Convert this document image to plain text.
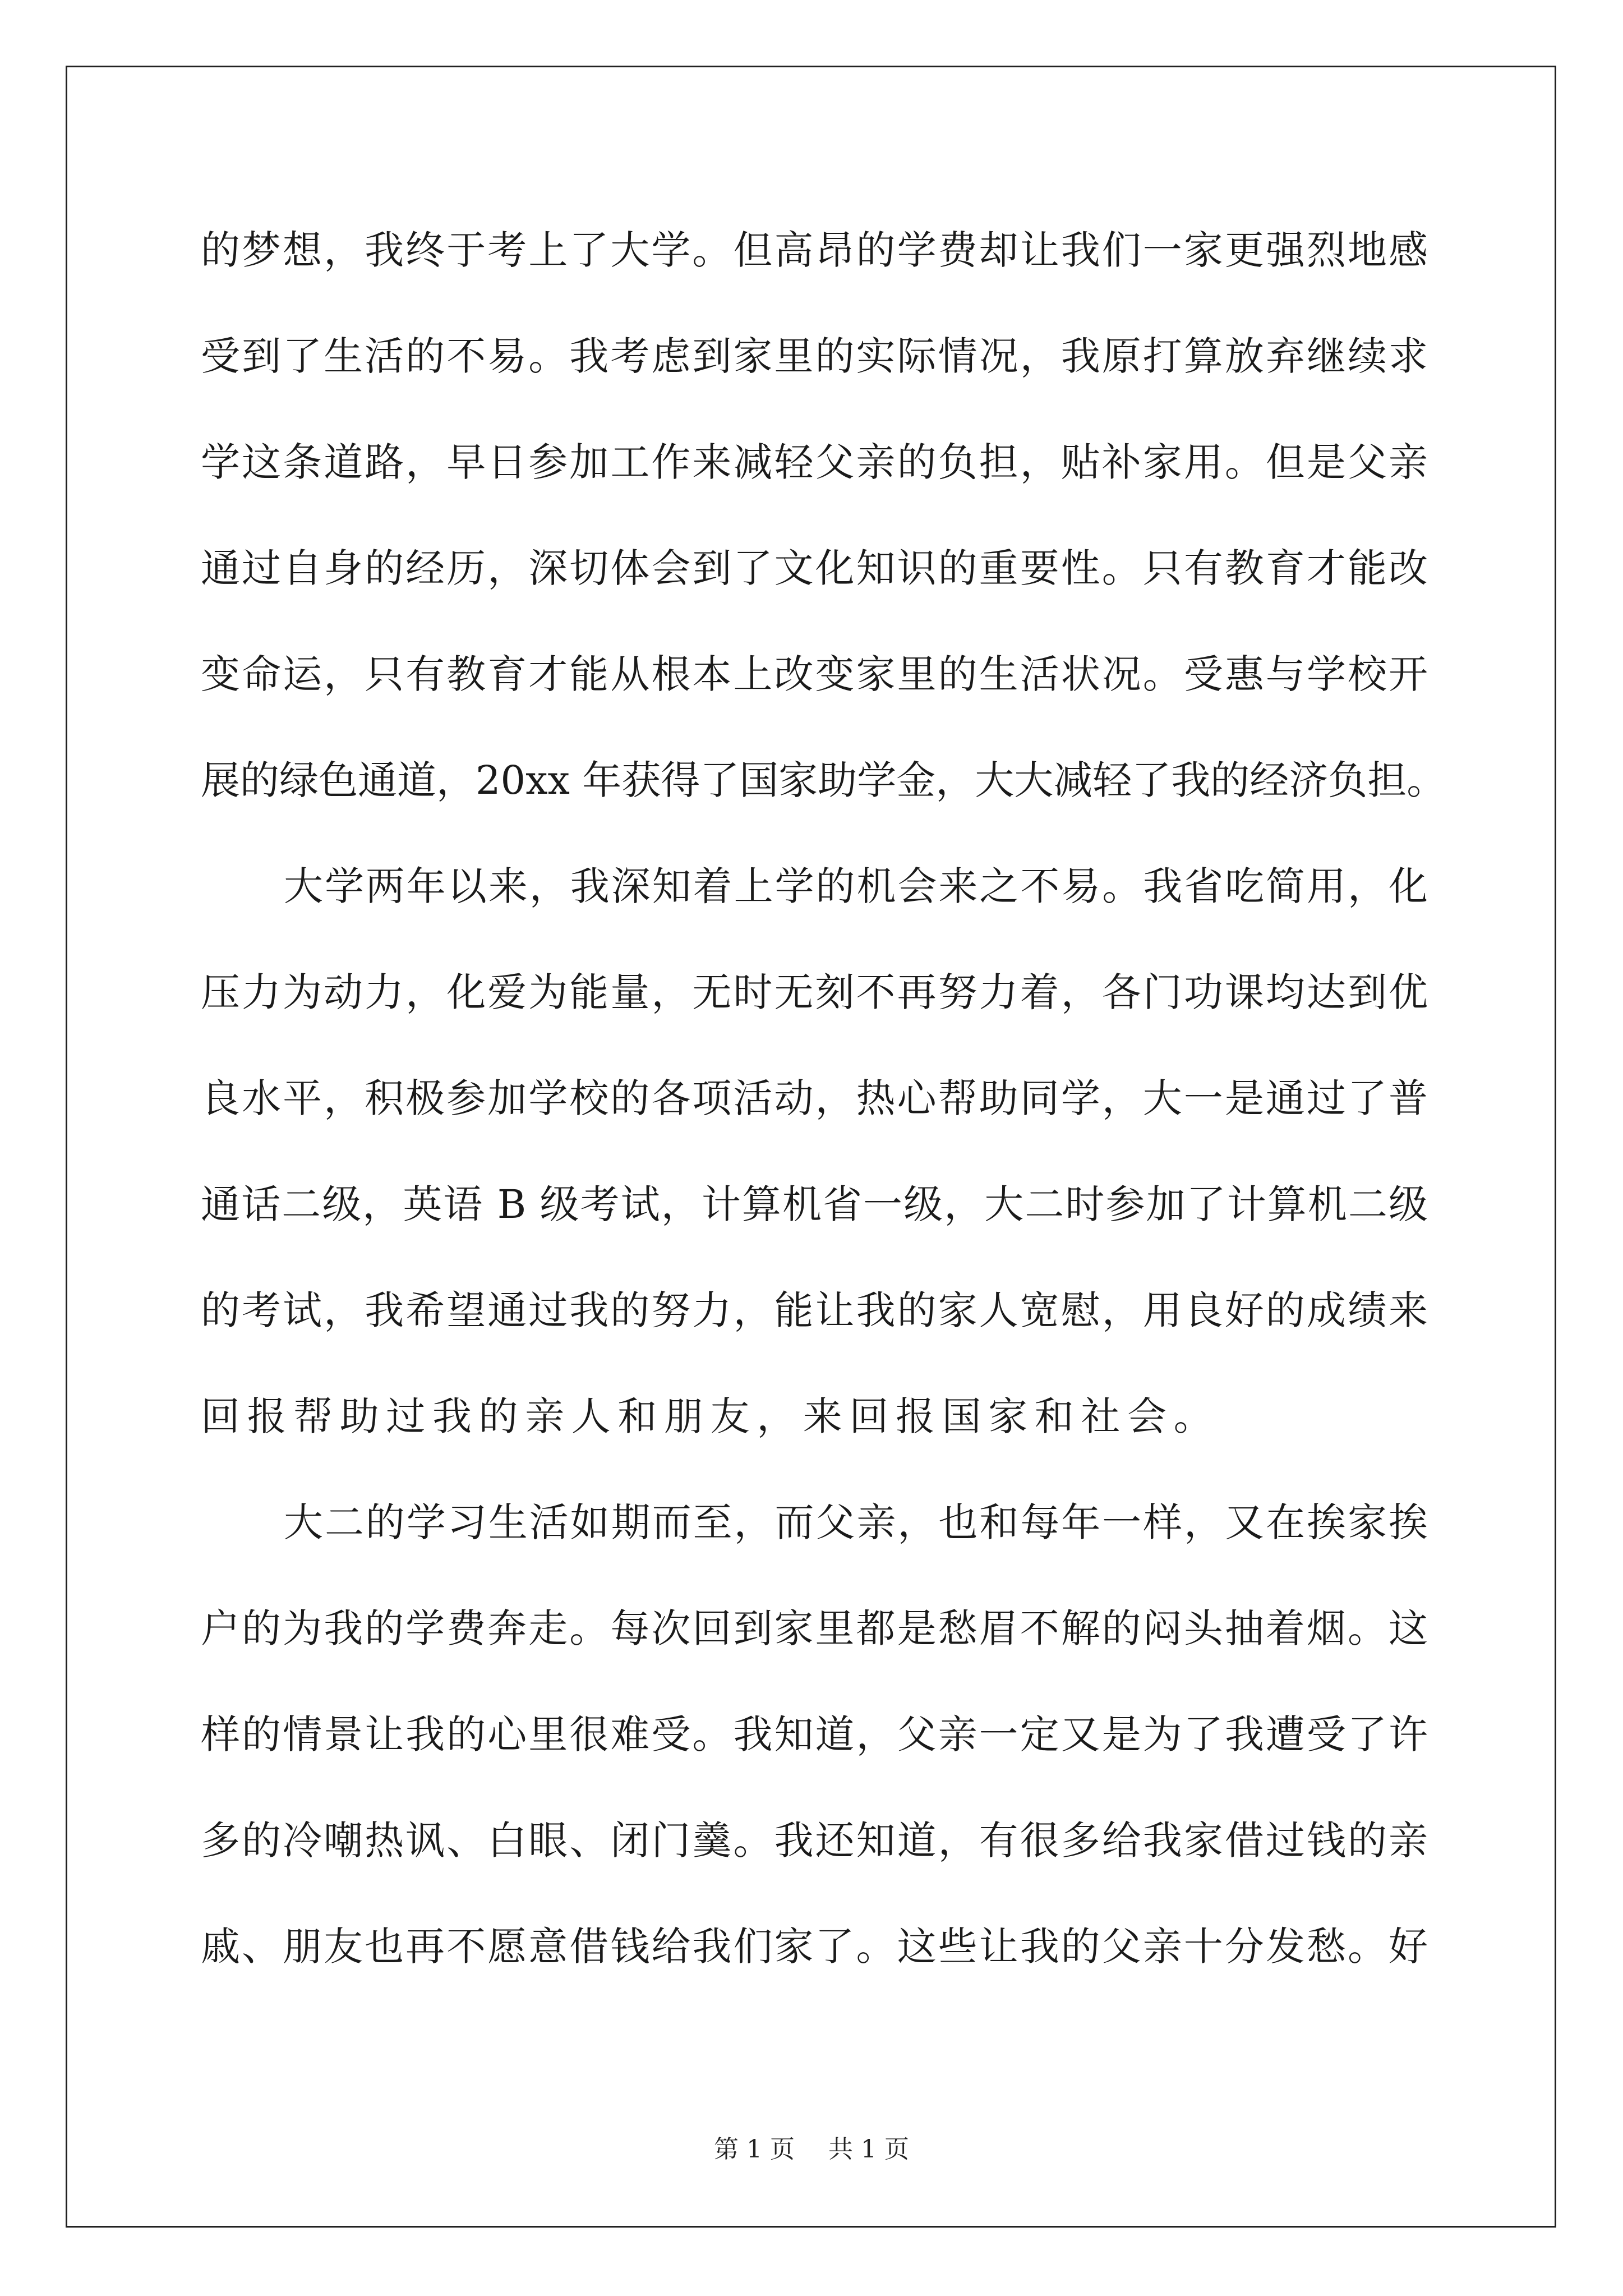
的梦想，我终于考上了大学。但高昂的学费却让我们一家更强烈地感
受到了生活的不易。我考虑到家里的实际情况，我原打算放弃继续求
学这条道路，早日参加工作来减轻父亲的负担，贴补家用。但是父亲
通过自身的经历，深切体会到了文化知识的重要性。只有教育才能改
变命运，只有教育才能从根本上改变家里的生活状况。受惠与学校开
展的绿色通道，20xx 年获得了国家助学金，大大减轻了我的经济负担。
大学两年以来，我深知着上学的机会来之不易。我省吃简用，化
压力为动力，化爱为能量，无时无刻不再努力着，各门功课均达到优
良水平，积极参加学校的各项活动，热心帮助同学，大一是通过了普
通话二级，英语 B 级考试，计算机省一级，大二时参加了计算机二级
的考试，我希望通过我的努力，能让我的家人宽慰，用良好的成绩来
回报帮助过我的亲人和朋友，来回报国家和社会。
大二的学习生活如期而至，而父亲，也和每年一样，又在挨家挨
户的为我的学费奔走。每次回到家里都是愁眉不解的闷头抽着烟。这
样的情景让我的心里很难受。我知道，父亲一定又是为了我遭受了许
多的冷嘲热讽、白眼、闭门羹。我还知道，有很多给我家借过钱的亲
戚、朋友也再不愿意借钱给我们家了。这些让我的父亲十分发愁。好
第 1 页 共 1 页
